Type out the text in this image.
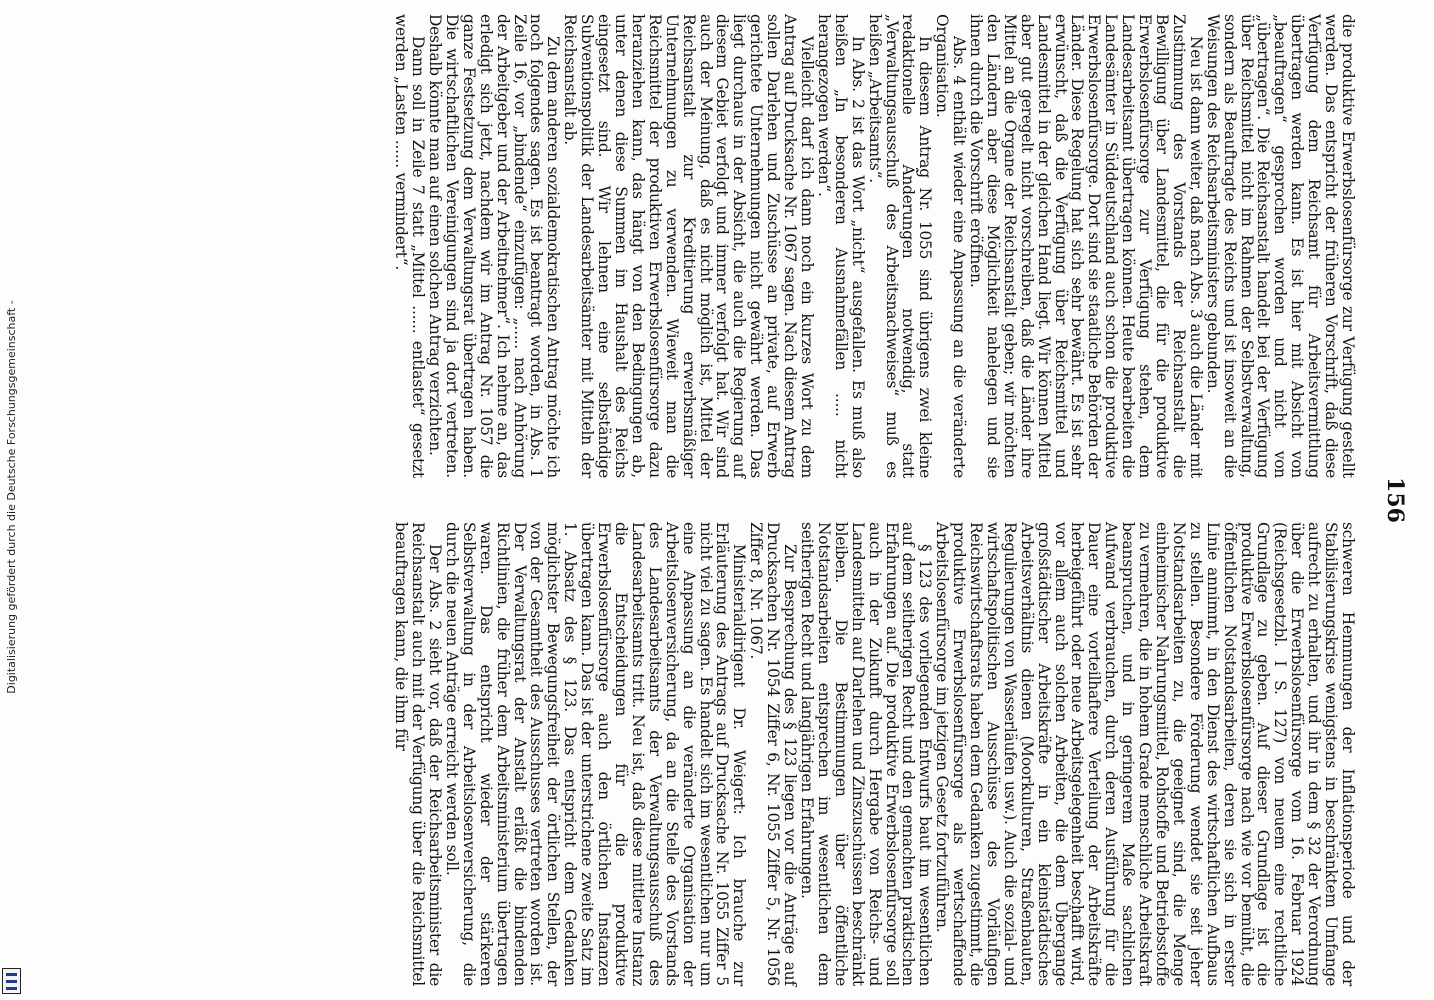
156

die produktive Erwerbslosenfürsorge zur Verfügung gestellt werden. Das entspricht der früheren Vorschrift, daß diese Verfügung dem Reichsamt für Arbeitsvermittlung übertragen werden kann. Es ist hier mit Absicht von „beauftragen“ gesprochen worden und nicht von „übertragen“. Die Reichsanstalt handelt bei der Verfügung über Reichsmittel nicht im Rahmen der Selbstverwaltung, sondern als Beauftragte des Reichs und ist insoweit an die Weisungen des Reichsarbeitsministers gebunden.

Neu ist dann weiter, daß nach Abs. 3 auch die Länder mit Zustimmung des Vorstands der Reichsanstalt die Bewilligung über Landesmittel, die für die produktive Erwerbslosenfürsorge zur Verfügung stehen, dem Landesarbeitsamt übertragen können. Heute bearbeiten die Landesämter in Süddeutschland auch schon die produktive Erwerbslosenfürsorge. Dort sind sie staatliche Behörden der Länder. Diese Regelung hat sich sehr bewährt. Es ist sehr erwünscht, daß die Verfügung über Reichsmittel und Landesmittel in der gleichen Hand liegt. Wir können Mittel aber gut geregelt nicht vorschreiben, daß die Länder ihre Mittel an die Organe der Reichsanstalt geben; wir möchten den Ländern aber diese Möglichkeit nahelegen und sie ihnen durch die Vorschrift eröffnen.

Abs. 4 enthält wieder eine Anpassung an die veränderte Organisation.

In diesem Antrag Nr. 1055 sind übrigens zwei kleine redaktionelle Änderungen notwendig, statt „Verwaltungsausschuß des Arbeitsnachweises“ muß es heißen „Arbeitsamts“.

In Abs. 2 ist das Wort „nicht“ ausgefallen. Es muß also heißen „In besonderen Ausnahmefällen ..... nicht herangezogen werden“.

Vielleicht darf ich dann noch ein kurzes Wort zu dem Antrag auf Drucksache Nr. 1067 sagen. Nach diesem Antrag sollen Darlehen und Zuschüsse an private, auf Erwerb gerichtete Unternehmungen nicht gewährt werden. Das liegt durchaus in der Absicht, die auch die Regierung auf diesem Gebiet verfolgt und immer verfolgt hat. Wir sind auch der Meinung, daß es nicht möglich ist, Mittel der Reichsanstalt zur Kreditierung erwerbsmäßiger Unternehmungen zu verwenden. Wieweit man die Reichsmittel der produktiven Erwerbslosenfürsorge dazu heranziehen kann, das hängt von den Bedingungen ab, unter denen diese Summen im Haushalt des Reichs eingesetzt sind. Wir lehnen eine selbständige Subventionspolitik der Landesarbeitsämter mit Mitteln der Reichsanstalt ab.

Zu dem anderen sozialdemokratischen Antrag möchte ich noch folgendes sagen. Es ist beantragt worden, in Abs. 1 Zeile 16, vor „bindende“ einzufügen: „..... nach Anhörung der Arbeitgeber und der Arbeitnehmer“. Ich nehme an, das erledigt sich jetzt, nachdem wir im Antrag Nr. 1057 die ganze Festsetzung dem Verwaltungsrat übertragen haben. Die wirtschaftlichen Vereinigungen sind ja dort vertreten. Deshalb könnte man auf einen solchen Antrag verzichten.

Dann soll in Zeile 7 statt „Mittel ...... entlastet“ gesetzt werden „Lasten ...... vermindert“.

schweren Hemmungen der Inflationsperiode und der Stabilisierungskrise wenigstens in beschränktem Umfange aufrecht zu erhalten, und ihr in dem § 32 der Verordnung über die Erwerbslosenfürsorge vom 16. Februar 1924 (Reichsgesetzbl. I S. 127) von neuem eine rechtliche Grundlage zu geben. Auf dieser Grundlage ist die produktive Erwerbslosenfürsorge nach wie vor bemüht, die öffentlichen Notstandsarbeiten, deren sie sich in erster Linie annimmt, in den Dienst des wirtschaftlichen Aufbaus zu stellen. Besondere Förderung wendet sie seit jeher Notstandsarbeiten zu, die geeignet sind, die Menge einheimischer Nahrungsmittel, Rohstoffe und Betriebsstoffe zu vermehren, die in hohem Grade menschliche Arbeitskraft beanspruchen, und in geringerem Maße sachlichen Aufwand verbrauchen, durch deren Ausführung für die Dauer eine vorteilhaftere Verteilung der Arbeitskräfte herbeigeführt oder neue Arbeitsgelegenheit beschafft wird, vor allem auch solchen Arbeiten, die dem Übergange großstädtischer Arbeitskräfte in ein kleinstädtisches Arbeitsverhältnis dienen (Moorkulturen, Straßenbauten, Regulierungen von Wasserläufen usw.). Auch die sozial- und wirtschaftspolitischen Ausschüsse des Vorläufigen Reichswirtschaftsrats haben dem Gedanken zugestimmt, die produktive Erwerbslosenfürsorge als wertschaffende Arbeitslosenfürsorge im jetzigen Gesetz fortzuführen.

§ 123 des vorliegenden Entwurfs baut im wesentlichen auf dem seitherigen Recht und den gemachten praktischen Erfahrungen auf. Die produktive Erwerbslosenfürsorge soll auch in der Zukunft durch Hergabe von Reichs- und Landesmitteln auf Darlehen und Zinszuschüssen beschränkt bleiben. Die Bestimmungen über öffentliche Notstandsarbeiten entsprechen im wesentlichen dem seitherigen Recht und langjährigen Erfahrungen.

Zur Besprechung des § 123 liegen vor die Anträge auf Drucksachen Nr. 1054 Ziffer 6, Nr. 1055 Ziffer 5, Nr. 1056 Ziffer 8, Nr. 1067.

Ministerialdirigent Dr. Weigert: Ich brauche zur Erläuterung des Antrags auf Drucksache Nr. 1055 Ziffer 5 nicht viel zu sagen. Es handelt sich im wesentlichen nur um eine Anpassung an die veränderte Organisation der Arbeitslosenversicherung, da an die Stelle des Vorstands des Landesarbeitsamts der Verwaltungsausschuß des Landesarbeitsamts tritt. Neu ist, daß diese mittlere Instanz die Entscheidungen für die produktive Erwerbslosenfürsorge auch den örtlichen Instanzen übertragen kann. Das ist der unterstrichene zweite Satz im 1. Absatz des § 123. Das entspricht dem Gedanken möglichster Bewegungsfreiheit der örtlichen Stellen, der von der Gesamtheit des Ausschusses vertreten worden ist. Der Verwaltungsrat der Anstalt erläßt die bindenden Richtlinien, die früher dem Arbeitsministerium übertragen waren. Das entspricht wieder der stärkeren Selbstverwaltung in der Arbeitslosenversicherung, die durch die neuen Anträge erreicht werden soll.

Der Abs. 2 sieht vor, daß der Reichsarbeitsminister die Reichsanstalt auch mit der Verfügung über die Reichsmittel beauftragen kann, die ihm für

Digitalisierung gefördert durch die Deutsche Forschungsgemeinschaft -
